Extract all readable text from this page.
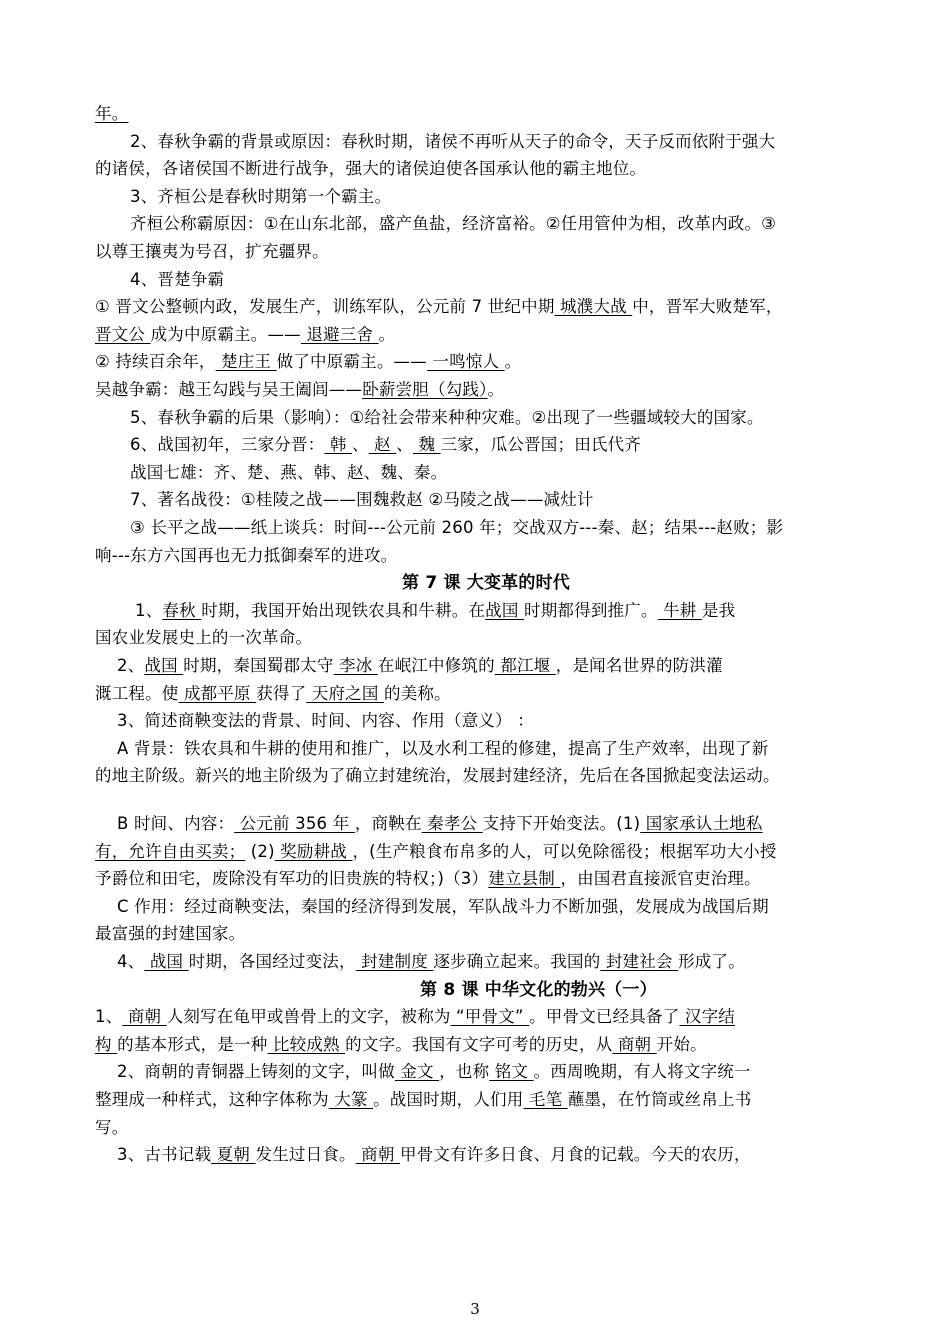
年。
2、春秋争霸的背景或原因：春秋时期，诸侯不再听从天子的命令，天子反而依附于强大
的诸侯，各诸侯国不断进行战争，强大的诸侯迫使各国承认他的霸主地位。
3、齐桓公是春秋时期第一个霸主。
齐桓公称霸原因：①在山东北部，盛产鱼盐，经济富裕。②任用管仲为相，改革内政。③
以尊王攘夷为号召，扩充疆界。
4、晋楚争霸
① 晋文公整顿内政，发展生产，训练军队，公元前 7 世纪中期 城濮大战 中，晋军大败楚军，
晋文公 成为中原霸主。—— 退避三舍 。
② 持续百余年， 楚庄王 做了中原霸主。—— 一鸣惊人 。
吴越争霸：越王勾践与吴王阖闾——卧薪尝胆（勾践）。
5、春秋争霸的后果（影响）：①给社会带来种种灾难。②出现了一些疆域较大的国家。
6、战国初年，三家分晋： 韩 、 赵 、 魏 三家，瓜公晋国；田氏代齐
战国七雄：齐、楚、燕、韩、赵、魏、秦。
7、著名战役：①桂陵之战——围魏救赵 ②马陵之战——减灶计
③ 长平之战——纸上谈兵：时间---公元前 260 年；交战双方---秦、赵；结果---赵败；影
响---东方六国再也无力抵御秦军的进攻。
第 7 课 大变革的时代
1、春秋 时期，我国开始出现铁农具和牛耕。在战国 时期都得到推广。 牛耕 是我
国农业发展史上的一次革命。
2、战国 时期，秦国蜀郡太守 李冰 在岷江中修筑的 都江堰 ，是闻名世界的防洪灌
溉工程。使 成都平原 获得了 天府之国 的美称。
3、简述商鞅变法的背景、时间、内容、作用（意义） ：
A 背景：铁农具和牛耕的使用和推广，以及水利工程的修建，提高了生产效率，出现了新
的地主阶级。新兴的地主阶级为了确立封建统治，发展封建经济，先后在各国掀起变法运动。
B 时间、内容： 公元前 356 年 ，商鞅在 秦孝公 支持下开始变法。(1) 国家承认土地私
有，允许自由买卖； (2) 奖励耕战 ，(生产粮食布帛多的人，可以免除徭役；根据军功大小授
予爵位和田宅，废除没有军功的旧贵族的特权；)（3）建立县制 ，由国君直接派官吏治理。
C 作用：经过商鞅变法，秦国的经济得到发展，军队战斗力不断加强，发展成为战国后期
最富强的封建国家。
4、 战国 时期，各国经过变法， 封建制度 逐步确立起来。我国的 封建社会 形成了。
第 8 课 中华文化的勃兴（一）
1、 商朝 人刻写在龟甲或兽骨上的文字，被称为 “甲骨文” 。甲骨文已经具备了 汉字结
构 的基本形式，是一种 比较成熟 的文字。我国有文字可考的历史，从 商朝 开始。
2、商朝的青铜器上铸刻的文字，叫做 金文 ，也称 铭文 。西周晚期，有人将文字统一
整理成一种样式，这种字体称为 大篆 。战国时期，人们用 毛笔 蘸墨，在竹筒或丝帛上书
写。
3、古书记载 夏朝 发生过日食。 商朝 甲骨文有许多日食、月食的记载。今天的农历，
3
